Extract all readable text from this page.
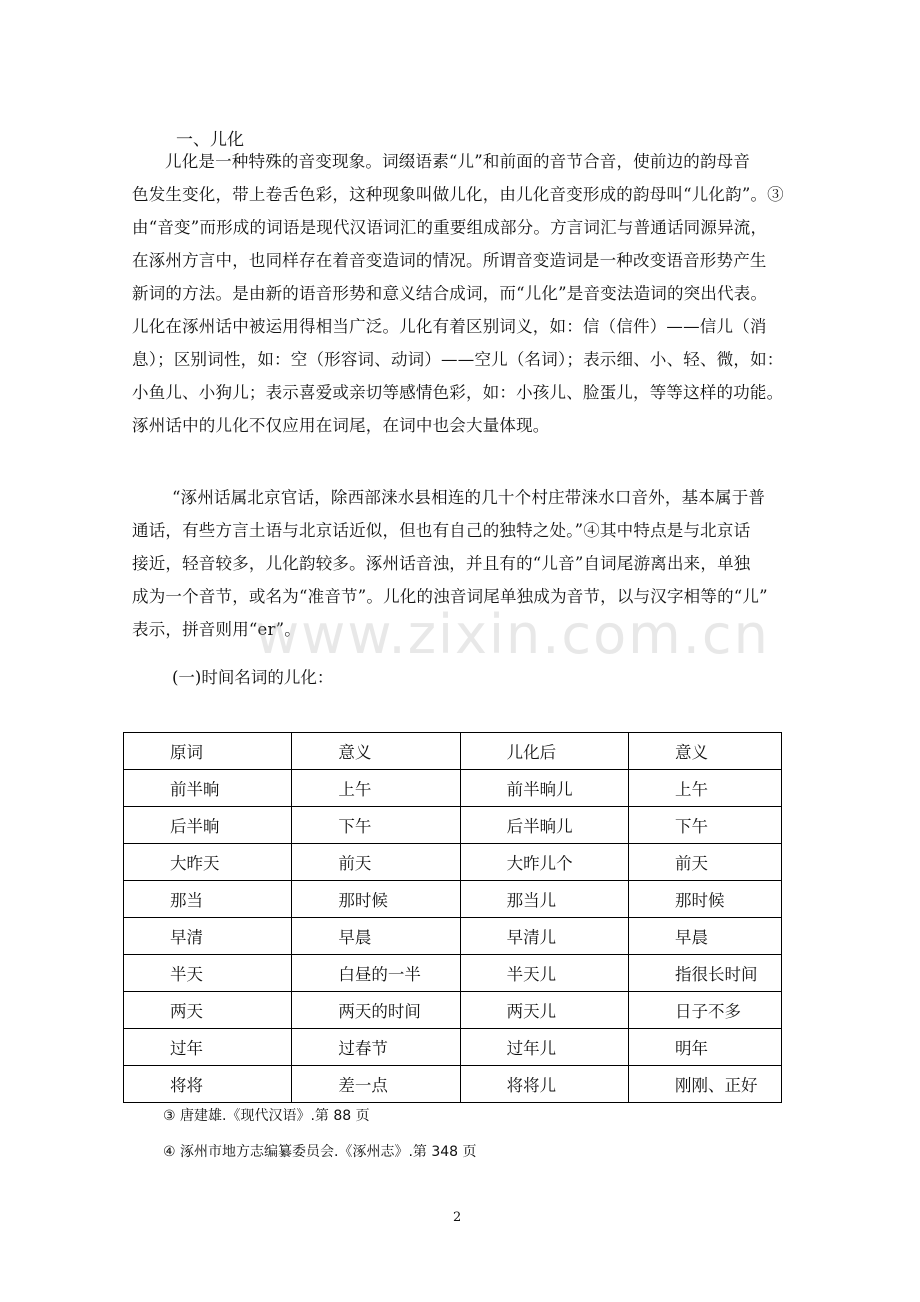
一、儿化
儿化是一种特殊的音变现象。词缀语素“儿”和前面的音节合音，使前边的韵母音
色发生变化，带上卷舌色彩，这种现象叫做儿化，由儿化音变形成的韵母叫“儿化韵”。③
由“音变”而形成的词语是现代汉语词汇的重要组成部分。方言词汇与普通话同源异流，
在涿州方言中，也同样存在着音变造词的情况。所谓音变造词是一种改变语音形势产生
新词的方法。是由新的语音形势和意义结合成词，而“儿化”是音变法造词的突出代表。
儿化在涿州话中被运用得相当广泛。儿化有着区别词义，如：信（信件）——信儿（消
息）；区别词性，如：空（形容词、动词）——空儿（名词）；表示细、小、轻、微，如：
小鱼儿、小狗儿；表示喜爱或亲切等感情色彩，如：小孩儿、脸蛋儿，等等这样的功能。
涿州话中的儿化不仅应用在词尾，在词中也会大量体现。
“涿州话属北京官话，除西部涞水县相连的几十个村庄带涞水口音外，基本属于普
通话，有些方言土语与北京话近似，但也有自己的独特之处。”④其中特点是与北京话
接近，轻音较多，儿化韵较多。涿州话音浊，并且有的“儿音”自词尾游离出来，单独
成为一个音节，或名为“准音节”。儿化的浊音词尾单独成为音节，以与汉字相等的“儿”
表示，拼音则用“er”。
www.zixin.com.cn
(一)时间名词的儿化：
原词	意义	儿化后	意义
前半晌	上午	前半晌儿	上午
后半晌	下午	后半晌儿	下午
大昨天	前天	大昨儿个	前天
那当	那时候	那当儿	那时候
早清	早晨	早清儿	早晨
半天	白昼的一半	半天儿	指很长时间
两天	两天的时间	两天儿	日子不多
过年	过春节	过年儿	明年
将将	差一点	将将儿	刚刚、正好
③ 唐建雄.《现代汉语》.第 88 页
④ 涿州市地方志编纂委员会.《涿州志》.第 348 页
2
